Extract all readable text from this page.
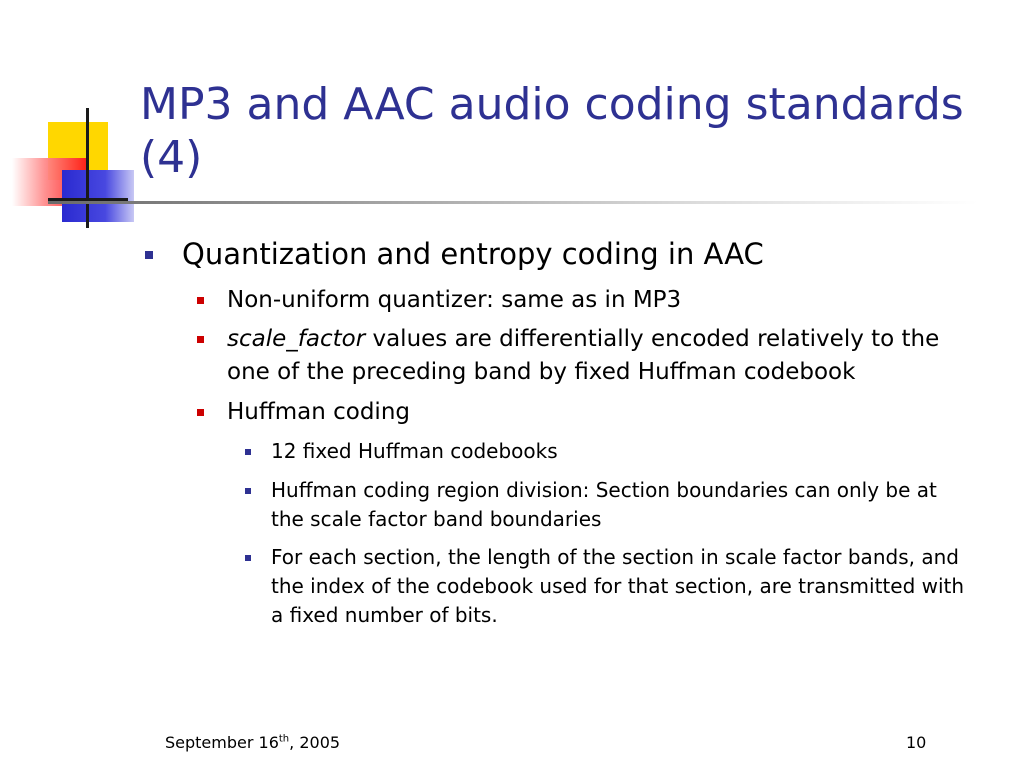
MP3 and AAC audio coding standards (4)
Quantization and entropy coding in AAC
Non-uniform quantizer: same as in MP3
scale_factor values are differentially encoded relatively to the one of the preceding band by fixed Huffman codebook
Huffman coding
12 fixed Huffman codebooks
Huffman coding region division: Section boundaries can only be at the scale factor band boundaries
For each section, the length of the section in scale factor bands, and the index of the codebook used for that section, are transmitted with a fixed number of bits.
September 16th, 2005	10
